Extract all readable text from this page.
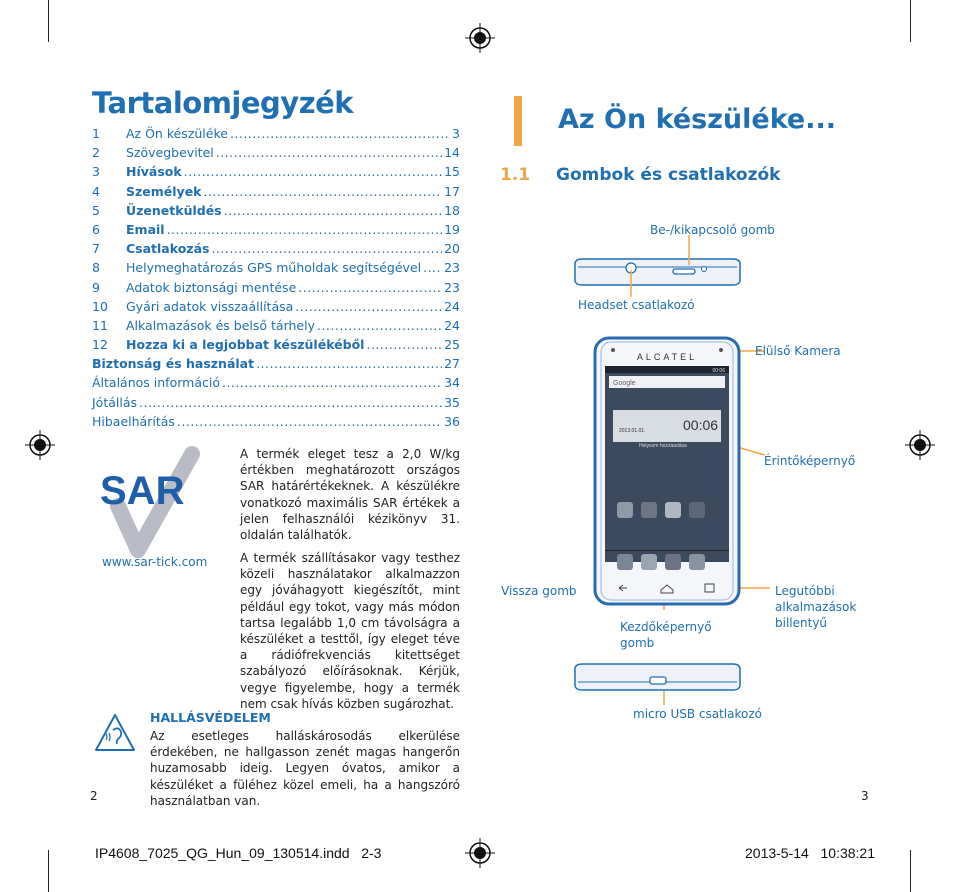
Tartalomjegyzék
1	Az Ön készüléke .....	3
2	Szövegbevitel .....	14
3	Hívások .....	15
4	Személyek .....	17
5	Üzenetküldés .....	18
6	Email .....	19
7	Csatlakozás .....	20
8	Helymeghatározás GPS műholdak segítségével ..... 23
9	Adatok biztonsági mentése .....	23
10	Gyári adatok visszaállítása .....	24
11	Alkalmazások és belső tárhely .....	24
12	Hozza ki a legjobbat készülékéből .....	25
Biztonság és használat .....	27
Általános információ .....	34
Jótállás .....	35
Hibaelhárítás .....	36
SAR
www.sar-tick.com
A termék eleget tesz a 2,0 W/kg értékben meghatározott országos SAR határértékeknek. A készülékre vonatkozó maximális SAR értékek a jelen felhasználói kézikönyv 31. oldalán találhatók.
A termék szállításakor vagy testhez közeli használatakor alkalmazzon egy jóváhagyott kiegészítőt, mint például egy tokot, vagy más módon tartsa legalább 1,0 cm távolságra a készüléket a testtől, így eleget téve a rádiófrekvenciás kitettséget szabályozó előírásoknak. Kérjük, vegye figyelembe, hogy a termék nem csak hívás közben sugározhat.
HALLÁSVÉDELEM
Az esetleges halláskárosodás elkerülése érdekében, ne hallgasson zenét magas hangerőn huzamosabb ideig. Legyen óvatos, amikor a készüléket a füléhez közel emeli, ha a hangszóró használatban van.
2
Az Ön készüléke...
1.1 Gombok és csatlakozók
ALCATEL
00:06
Google
2013.01.01.	00:06
Helyezm hozzáadása
Be-/kikapcsoló gomb
Headset csatlakozó
Elülső Kamera
Érintőképernyő
Vissza gomb
Kezdőképernyő gomb
Legutóbbi alkalmazások billentyű
micro USB csatlakozó
3
IP4608_7025_QG_Hun_09_130514.indd   2-3	2013-5-14   10:38:21
